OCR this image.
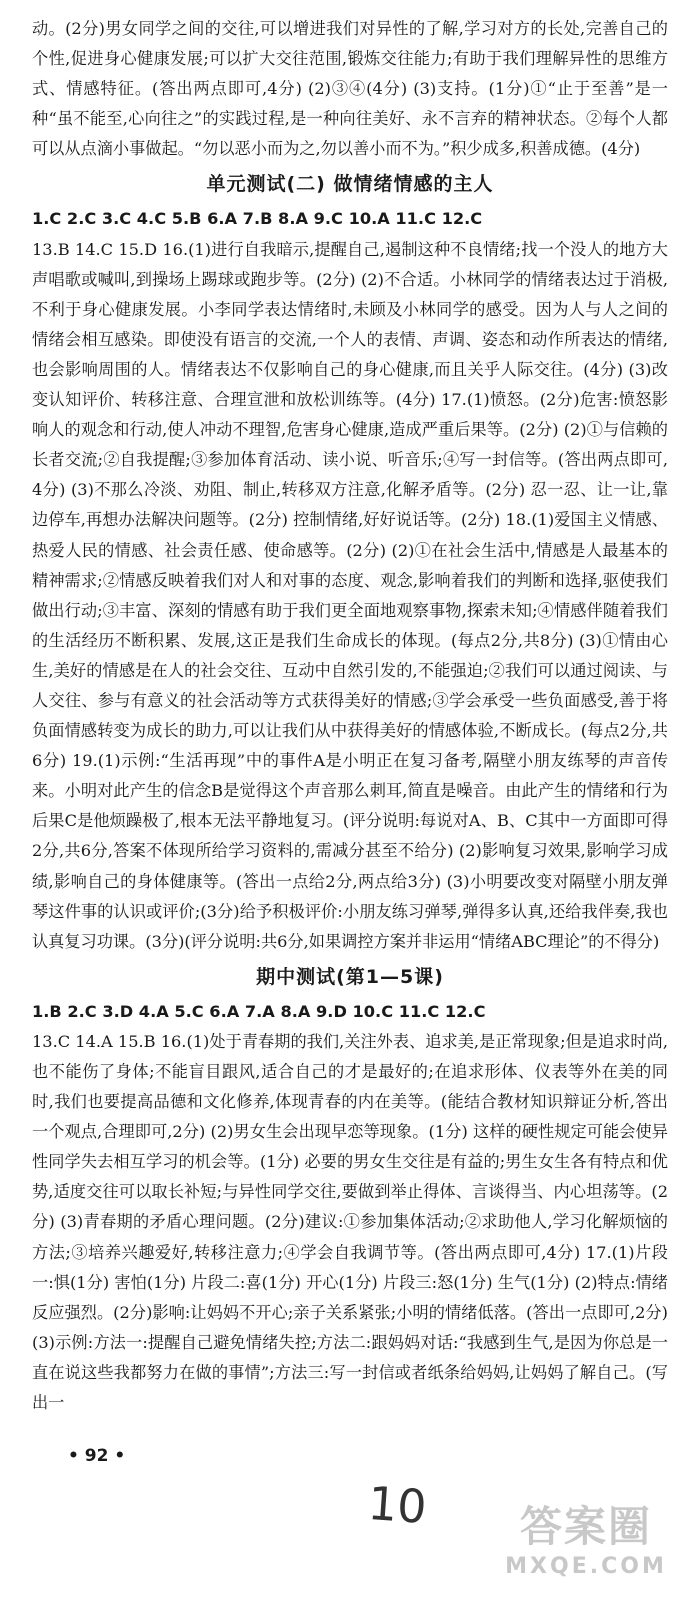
动。(2分)男女同学之间的交往,可以增进我们对异性的了解,学习对方的长处,完善自己的个性,促进身心健康发展;可以扩大交往范围,锻炼交往能力;有助于我们理解异性的思维方式、情感特征。(答出两点即可,4分) (2)③④(4分) (3)支持。(1分)①“止于至善”是一种“虽不能至,心向往之”的实践过程,是一种向往美好、永不言弃的精神状态。②每个人都可以从点滴小事做起。“勿以恶小而为之,勿以善小而不为。”积少成多,积善成德。(4分)

单元测试(二) 做情绪情感的主人

1.C 2.C 3.C 4.C 5.B 6.A 7.B 8.A 9.C 10.A 11.C 12.C

13.B 14.C 15.D 16.(1)进行自我暗示,提醒自己,遏制这种不良情绪;找一个没人的地方大声唱歌或喊叫,到操场上踢球或跑步等。(2分) (2)不合适。小林同学的情绪表达过于消极,不利于身心健康发展。小李同学表达情绪时,未顾及小林同学的感受。因为人与人之间的情绪会相互感染。即使没有语言的交流,一个人的表情、声调、姿态和动作所表达的情绪,也会影响周围的人。情绪表达不仅影响自己的身心健康,而且关乎人际交往。(4分) (3)改变认知评价、转移注意、合理宣泄和放松训练等。(4分) 17.(1)愤怒。(2分)危害:愤怒影响人的观念和行动,使人冲动不理智,危害身心健康,造成严重后果等。(2分) (2)①与信赖的长者交流;②自我提醒;③参加体育活动、读小说、听音乐;④写一封信等。(答出两点即可,4分) (3)不那么冷淡、劝阻、制止,转移双方注意,化解矛盾等。(2分) 忍一忍、让一让,靠边停车,再想办法解决问题等。(2分) 控制情绪,好好说话等。(2分) 18.(1)爱国主义情感、热爱人民的情感、社会责任感、使命感等。(2分) (2)①在社会生活中,情感是人最基本的精神需求;②情感反映着我们对人和对事的态度、观念,影响着我们的判断和选择,驱使我们做出行动;③丰富、深刻的情感有助于我们更全面地观察事物,探索未知;④情感伴随着我们的生活经历不断积累、发展,这正是我们生命成长的体现。(每点2分,共8分) (3)①情由心生,美好的情感是在人的社会交往、互动中自然引发的,不能强迫;②我们可以通过阅读、与人交往、参与有意义的社会活动等方式获得美好的情感;③学会承受一些负面感受,善于将负面情感转变为成长的助力,可以让我们从中获得美好的情感体验,不断成长。(每点2分,共6分) 19.(1)示例:“生活再现”中的事件A是小明正在复习备考,隔壁小朋友练琴的声音传来。小明对此产生的信念B是觉得这个声音那么刺耳,简直是噪音。由此产生的情绪和行为后果C是他烦躁极了,根本无法平静地复习。(评分说明:每说对A、B、C其中一方面即可得2分,共6分,答案不体现所给学习资料的,需减分甚至不给分) (2)影响复习效果,影响学习成绩,影响自己的身体健康等。(答出一点给2分,两点给3分) (3)小明要改变对隔壁小朋友弹琴这件事的认识或评价;(3分)给予积极评价:小朋友练习弹琴,弹得多认真,还给我伴奏,我也认真复习功课。(3分)(评分说明:共6分,如果调控方案并非运用“情绪ABC理论”的不得分)

期中测试(第1—5课)

1.B 2.C 3.D 4.A 5.C 6.A 7.A 8.A 9.D 10.C 11.C 12.C

13.C 14.A 15.B 16.(1)处于青春期的我们,关注外表、追求美,是正常现象;但是追求时尚,也不能伤了身体;不能盲目跟风,适合自己的才是最好的;在追求形体、仪表等外在美的同时,我们也要提高品德和文化修养,体现青春的内在美等。(能结合教材知识辩证分析,答出一个观点,合理即可,2分) (2)男女生会出现早恋等现象。(1分) 这样的硬性规定可能会使异性同学失去相互学习的机会等。(1分) 必要的男女生交往是有益的;男生女生各有特点和优势,适度交往可以取长补短;与异性同学交往,要做到举止得体、言谈得当、内心坦荡等。(2分) (3)青春期的矛盾心理问题。(2分)建议:①参加集体活动;②求助他人,学习化解烦恼的方法;③培养兴趣爱好,转移注意力;④学会自我调节等。(答出两点即可,4分) 17.(1)片段一:惧(1分) 害怕(1分) 片段二:喜(1分) 开心(1分) 片段三:怒(1分) 生气(1分) (2)特点:情绪反应强烈。(2分)影响:让妈妈不开心;亲子关系紧张;小明的情绪低落。(答出一点即可,2分) (3)示例:方法一:提醒自己避免情绪失控;方法二:跟妈妈对话:“我感到生气,是因为你总是一直在说这些我都努力在做的事情”;方法三:写一封信或者纸条给妈妈,让妈妈了解自己。(写出一

• 92 •
10	答案圈
MXQE.COM
